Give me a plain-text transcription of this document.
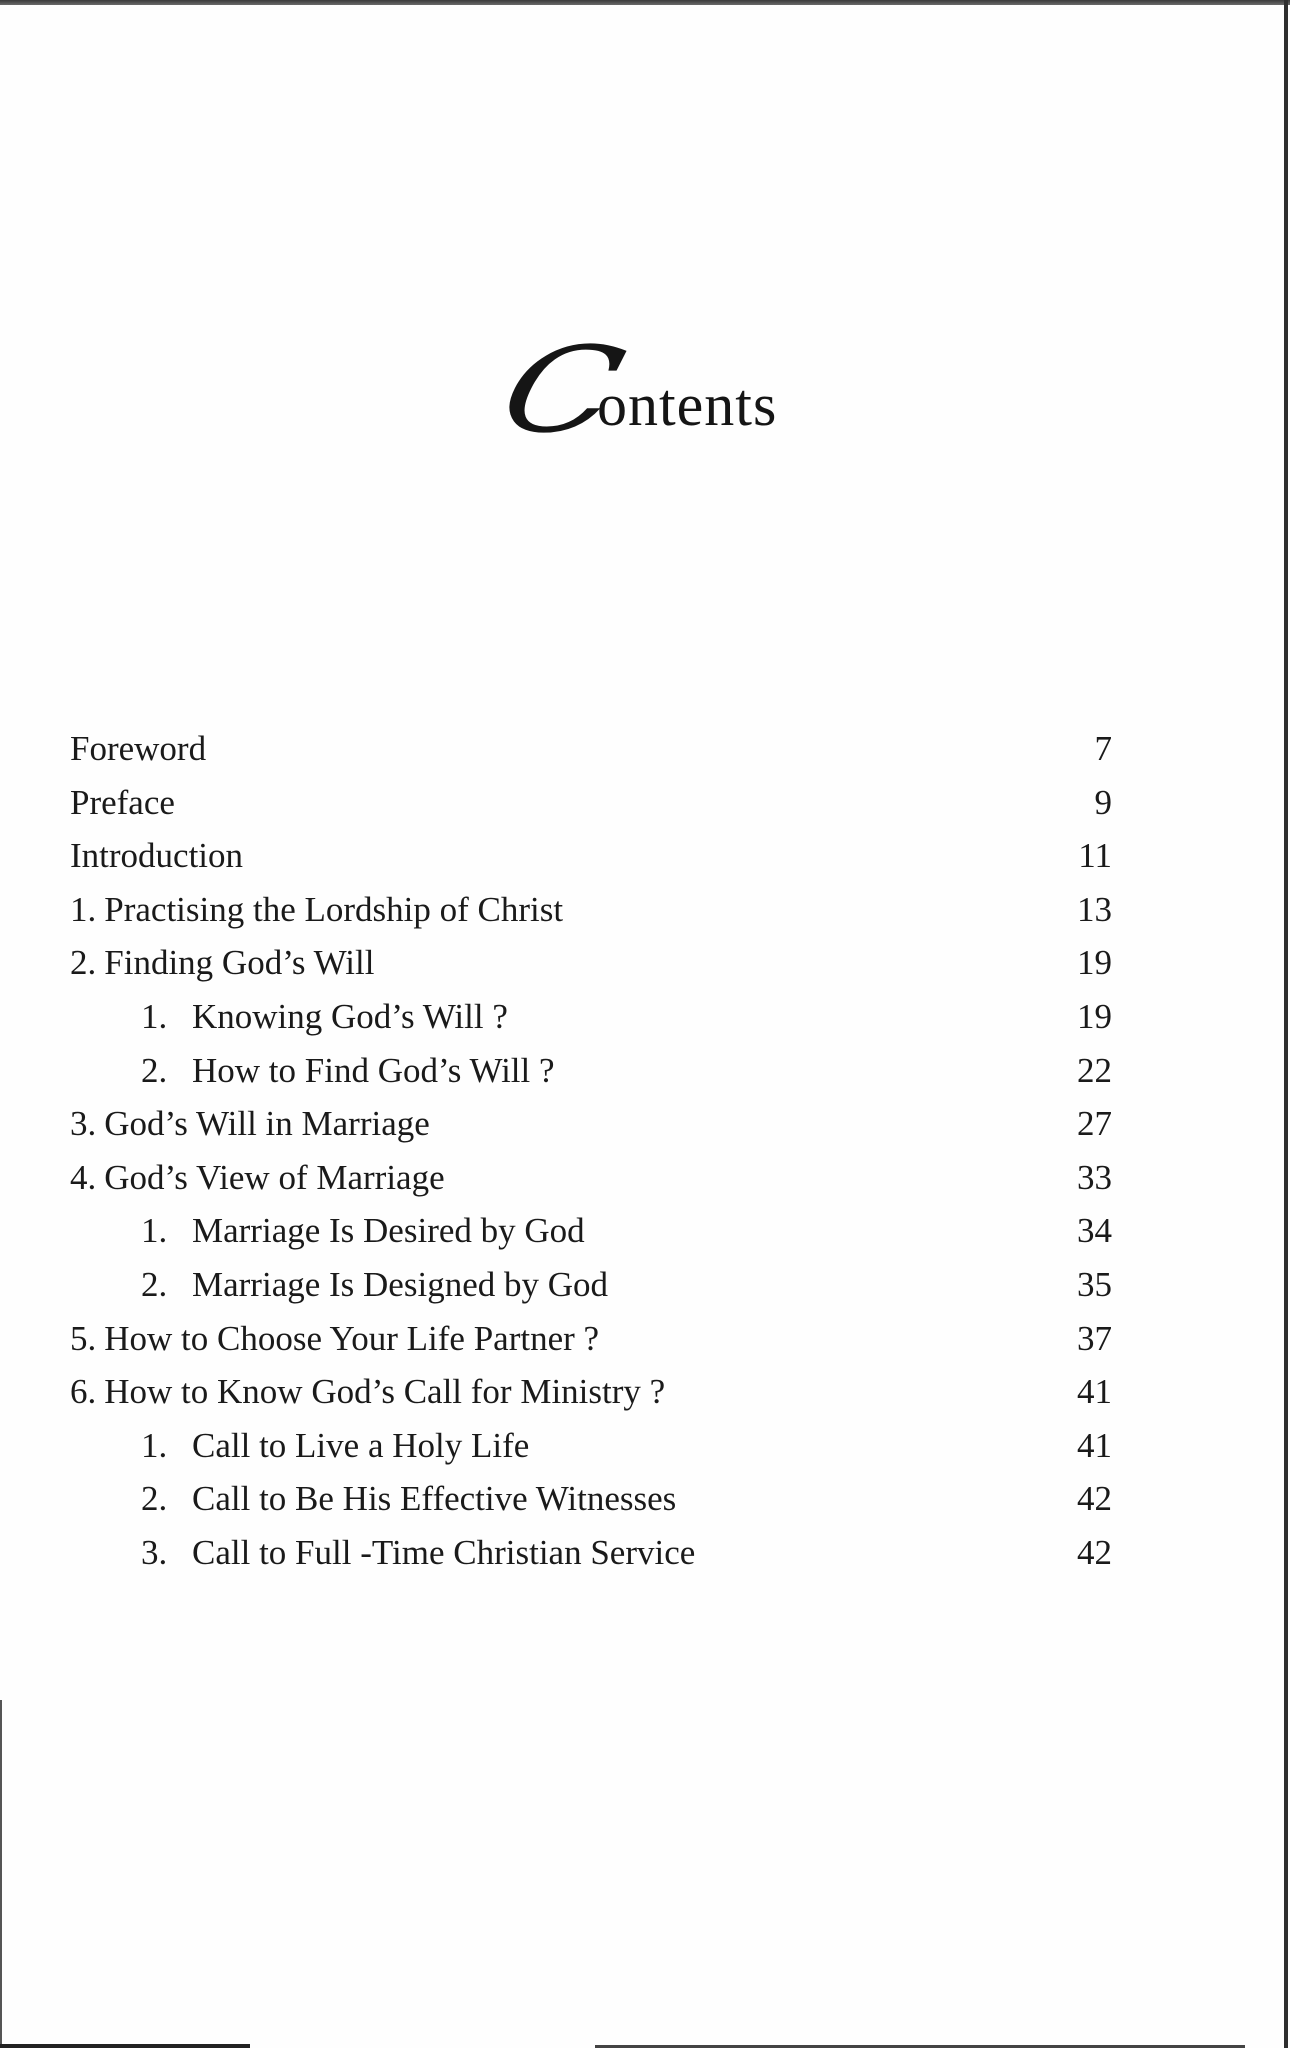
Contents
Foreword	7
Preface	9
Introduction	11
1. Practising the Lordship of Christ	13
2. Finding God’s Will	19
1. Knowing God’s Will ?	19
2. How to Find God’s Will ?	22
3. God’s Will in Marriage	27
4. God’s View of Marriage	33
1. Marriage Is Desired by God	34
2. Marriage Is Designed by God	35
5. How to Choose Your Life Partner ?	37
6. How to Know God’s Call for Ministry ?	41
1. Call to Live a Holy Life	41
2. Call to Be His Effective Witnesses	42
3. Call to Full -Time Christian Service	42
